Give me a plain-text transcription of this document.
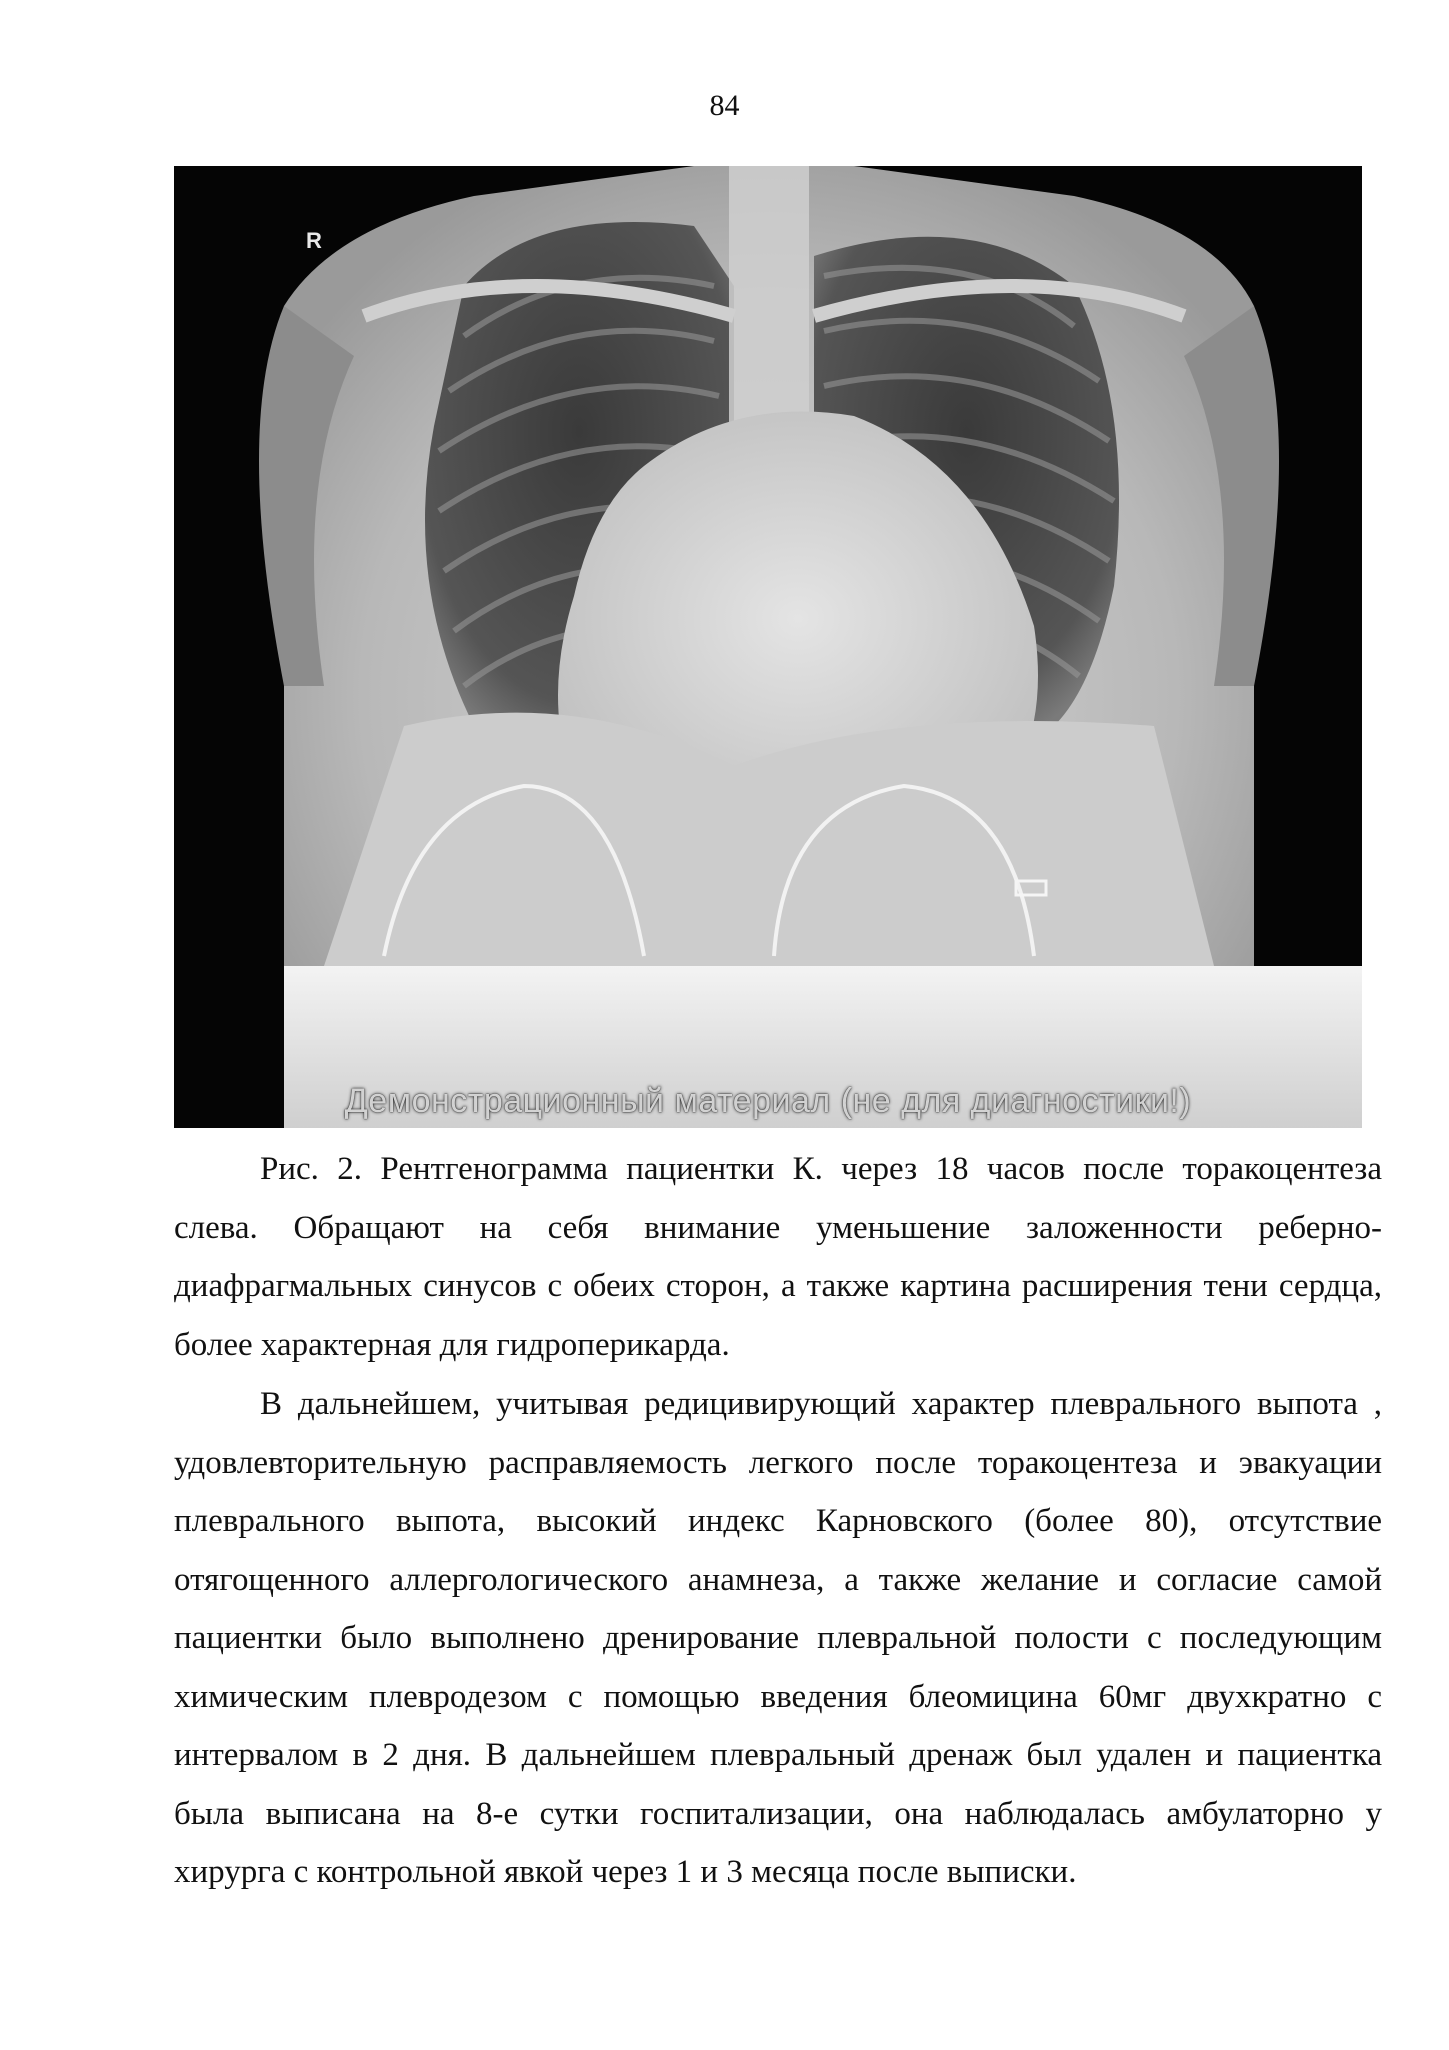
84
R
Демонстрационный материал (не для диагностики!)

Рис. 2. Рентгенограмма пациентки К. через 18 часов после торакоцентеза слева. Обращают на себя внимание уменьшение заложенности реберно-диафрагмальных синусов с обеих сторон, а также картина расширения тени сердца, более характерная для гидроперикарда.

В дальнейшем, учитывая редицивирующий характер плеврального выпота , удовлевторительную расправляемость легкого после торакоцентеза и эвакуации плеврального выпота, высокий индекс Карновского (более 80), отсутствие отягощенного аллергологического анамнеза, а также желание и согласие самой пациентки было выполнено дренирование плевральной полости с последующим химическим плевродезом с помощью введения блеомицина 60мг двухкратно с интервалом в 2 дня. В дальнейшем плевральный дренаж был удален и пациентка была выписана на 8-е сутки госпитализации, она наблюдалась амбулаторно у хирурга с контрольной явкой через 1 и 3 месяца после выписки.
